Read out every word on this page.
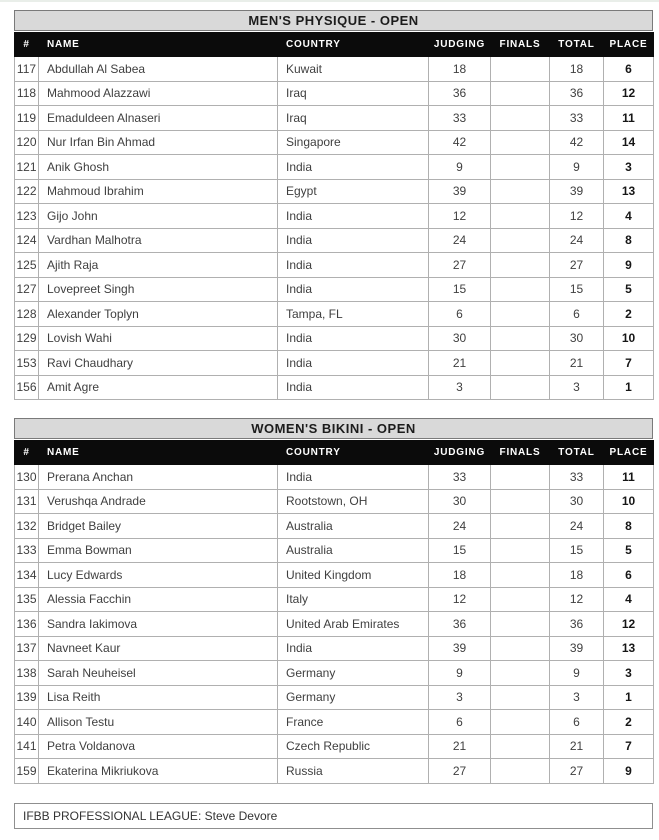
MEN'S PHYSIQUE - OPEN
#	NAME	COUNTRY	JUDGING	FINALS	TOTAL	PLACE
117	Abdullah Al Sabea	Kuwait	18		18	6
118	Mahmood Alazzawi	Iraq	36		36	12
119	Emaduldeen Alnaseri	Iraq	33		33	11
120	Nur Irfan Bin Ahmad	Singapore	42		42	14
121	Anik Ghosh	India	9		9	3
122	Mahmoud Ibrahim	Egypt	39		39	13
123	Gijo John	India	12		12	4
124	Vardhan Malhotra	India	24		24	8
125	Ajith Raja	India	27		27	9
127	Lovepreet Singh	India	15		15	5
128	Alexander Toplyn	Tampa, FL	6		6	2
129	Lovish Wahi	India	30		30	10
153	Ravi Chaudhary	India	21		21	7
156	Amit Agre	India	3		3	1
WOMEN'S BIKINI - OPEN
#	NAME	COUNTRY	JUDGING	FINALS	TOTAL	PLACE
130	Prerana Anchan	India	33		33	11
131	Verushqa Andrade	Rootstown, OH	30		30	10
132	Bridget Bailey	Australia	24		24	8
133	Emma Bowman	Australia	15		15	5
134	Lucy Edwards	United Kingdom	18		18	6
135	Alessia Facchin	Italy	12		12	4
136	Sandra Iakimova	United Arab Emirates	36		36	12
137	Navneet Kaur	India	39		39	13
138	Sarah Neuheisel	Germany	9		9	3
139	Lisa Reith	Germany	3		3	1
140	Allison Testu	France	6		6	2
141	Petra Voldanova	Czech Republic	21		21	7
159	Ekaterina Mikriukova	Russia	27		27	9
IFBB PROFESSIONAL LEAGUE: Steve Devore
